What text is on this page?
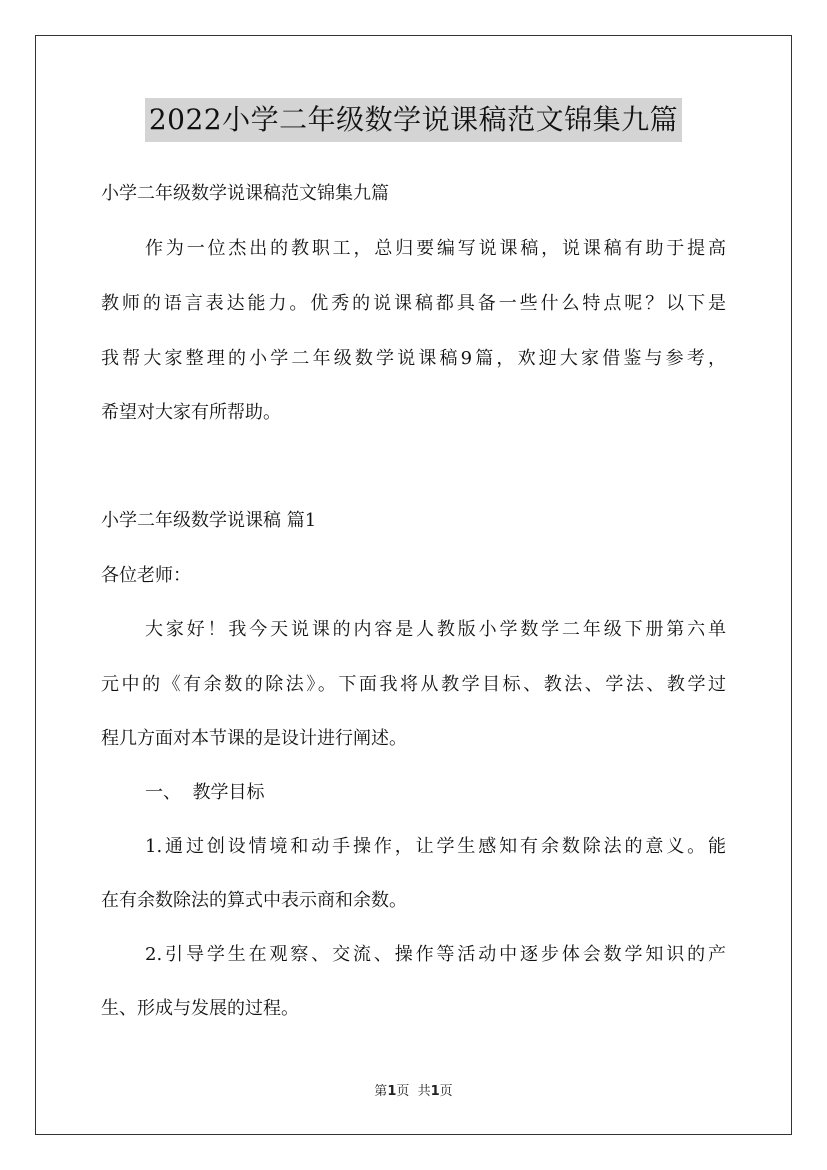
2022小学二年级数学说课稿范文锦集九篇
小学二年级数学说课稿范文锦集九篇
作为一位杰出的教职工，总归要编写说课稿，说课稿有助于提高
教师的语言表达能力。优秀的说课稿都具备一些什么特点呢？以下是
我帮大家整理的小学二年级数学说课稿9篇，欢迎大家借鉴与参考，
希望对大家有所帮助。
小学二年级数学说课稿 篇1
各位老师：
大家好！我今天说课的内容是人教版小学数学二年级下册第六单
元中的《有余数的除法》。下面我将从教学目标、教法、学法、教学过
程几方面对本节课的是设计进行阐述。
一、  教学目标
1.通过创设情境和动手操作，让学生感知有余数除法的意义。能
在有余数除法的算式中表示商和余数。
2.引导学生在观察、交流、操作等活动中逐步体会数学知识的产
生、形成与发展的过程。
第1页  共1页
